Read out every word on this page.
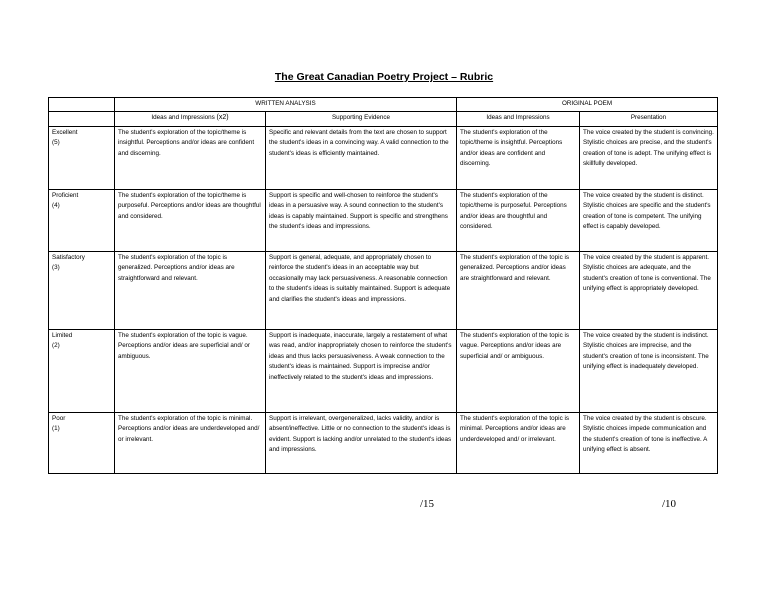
The Great Canadian Poetry Project – Rubric
	WRITTEN ANALYSIS		ORIGINAL POEM	
	Ideas and Impressions (x2)	Supporting Evidence	Ideas and Impressions	Presentation
Excellent
(5)	The student's exploration of the topic/theme is insightful. Perceptions and/or ideas are confident and discerning.	Specific and relevant details from the text are chosen to support the student's ideas in a convincing way. A valid connection to the student's ideas is efficiently maintained.	The student's exploration of the topic/theme is insightful. Perceptions and/or ideas are confident and discerning.	The voice created by the student is convincing. Stylistic choices are precise, and the student's creation of tone is adept. The unifying effect is skillfully developed.
Proficient
(4)	The student's exploration of the topic/theme is purposeful. Perceptions and/or ideas are thoughtful and considered.	Support is specific and well-chosen to reinforce the student's ideas in a persuasive way. A sound connection to the student's ideas is capably maintained. Support is specific and strengthens the student's ideas and impressions.	The student's exploration of the topic/theme is purposeful. Perceptions and/or ideas are thoughtful and considered.	The voice created by the student is distinct. Stylistic choices are specific and the student's creation of tone is competent. The unifying effect is capably developed.
Satisfactory
(3)	The student's exploration of the topic is generalized. Perceptions and/or ideas are straightforward and relevant.	Support is general, adequate, and appropriately chosen to reinforce the student's ideas in an acceptable way but occasionally may lack persuasiveness. A reasonable connection to the student's ideas is suitably maintained. Support is adequate and clarifies the student's ideas and impressions.	The student's exploration of the topic is generalized. Perceptions and/or ideas are straightforward and relevant.	The voice created by the student is apparent. Stylistic choices are adequate, and the student's creation of tone is conventional. The unifying effect is appropriately developed.
Limited
(2)	The student's exploration of the topic is vague. Perceptions and/or ideas are superficial and/ or ambiguous.	Support is inadequate, inaccurate, largely a restatement of what was read, and/or inappropriately chosen to reinforce the student's ideas and thus lacks persuasiveness. A weak connection to the student's ideas is maintained. Support is imprecise and/or ineffectively related to the student's ideas and impressions.	The student's exploration of the topic is vague. Perceptions and/or ideas are superficial and/ or ambiguous.	The voice created by the student is indistinct. Stylistic choices are imprecise, and the student's creation of tone is inconsistent. The unifying effect is inadequately developed.
Poor
(1)	The student's exploration of the topic is minimal. Perceptions and/or ideas are underdeveloped and/ or irrelevant.	Support is irrelevant, overgeneralized, lacks validity, and/or is absent/ineffective. Little or no connection to the student's ideas is evident. Support is lacking and/or unrelated to the student's ideas and impressions.	The student's exploration of the topic is minimal. Perceptions and/or ideas are underdeveloped and/ or irrelevant.	The voice created by the student is obscure. Stylistic choices impede communication and the student's creation of tone is ineffective. A unifying effect is absent.
/15	/10
